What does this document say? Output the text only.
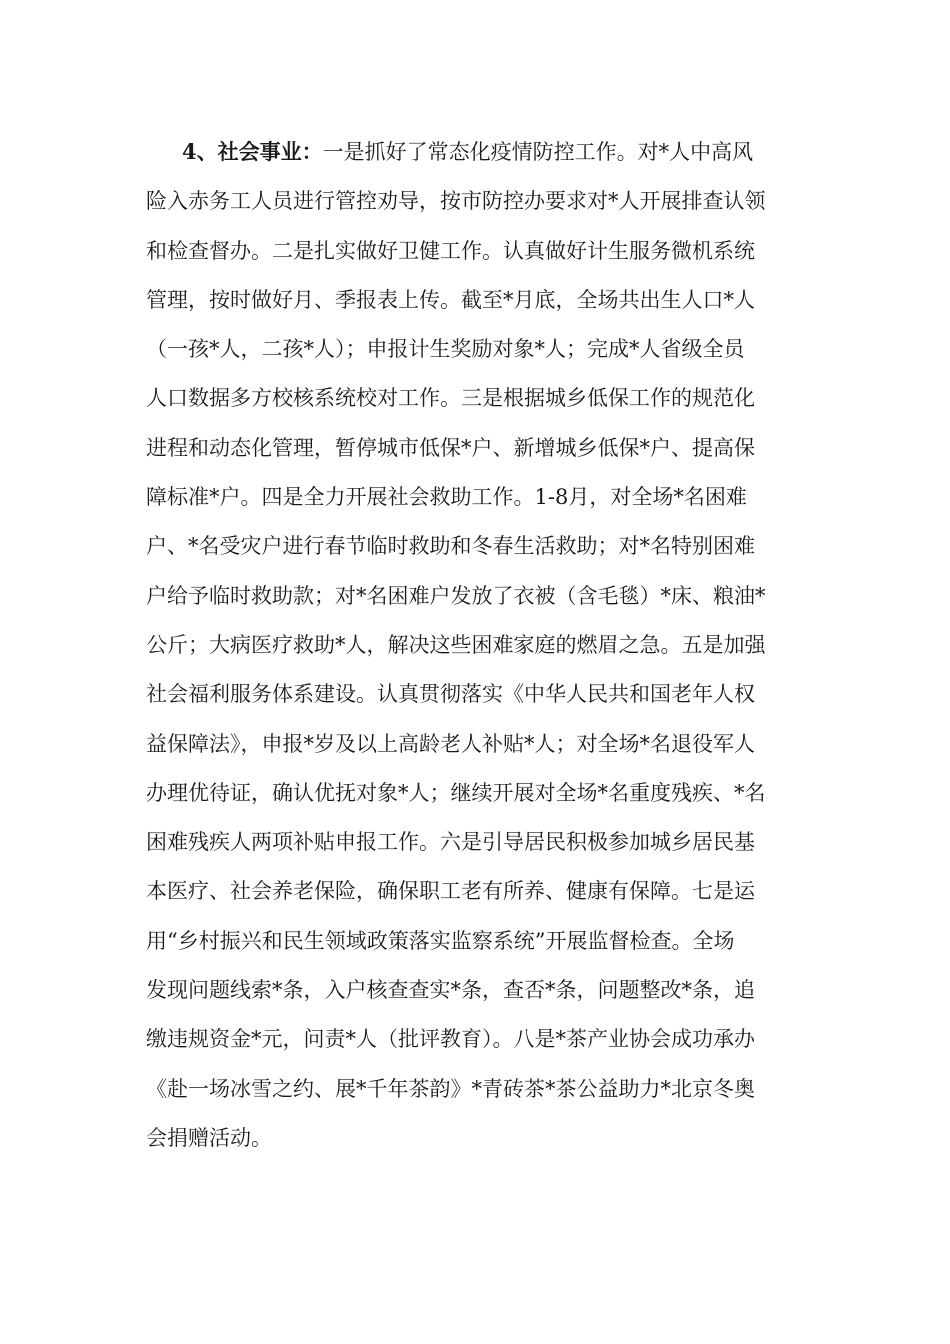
4、社会事业：一是抓好了常态化疫情防控工作。对*人中高风
险入赤务工人员进行管控劝导，按市防控办要求对*人开展排查认领
和检查督办。二是扎实做好卫健工作。认真做好计生服务微机系统
管理，按时做好月、季报表上传。截至*月底，全场共出生人口*人
（一孩*人，二孩*人）；申报计生奖励对象*人；完成*人省级全员
人口数据多方校核系统校对工作。三是根据城乡低保工作的规范化
进程和动态化管理，暂停城市低保*户、新增城乡低保*户、提高保
障标准*户。四是全力开展社会救助工作。1-8月，对全场*名困难
户、*名受灾户进行春节临时救助和冬春生活救助；对*名特别困难
户给予临时救助款；对*名困难户发放了衣被（含毛毯）*床、粮油*
公斤；大病医疗救助*人，解决这些困难家庭的燃眉之急。五是加强
社会福利服务体系建设。认真贯彻落实《中华人民共和国老年人权
益保障法》，申报*岁及以上高龄老人补贴*人；对全场*名退役军人
办理优待证，确认优抚对象*人；继续开展对全场*名重度残疾、*名
困难残疾人两项补贴申报工作。六是引导居民积极参加城乡居民基
本医疗、社会养老保险，确保职工老有所养、健康有保障。七是运
用“乡村振兴和民生领域政策落实监察系统”开展监督检查。全场
发现问题线索*条，入户核查查实*条，查否*条，问题整改*条，追
缴违规资金*元，问责*人（批评教育）。八是*茶产业协会成功承办
《赴一场冰雪之约、展*千年茶韵》*青砖茶*茶公益助力*北京冬奥
会捐赠活动。
